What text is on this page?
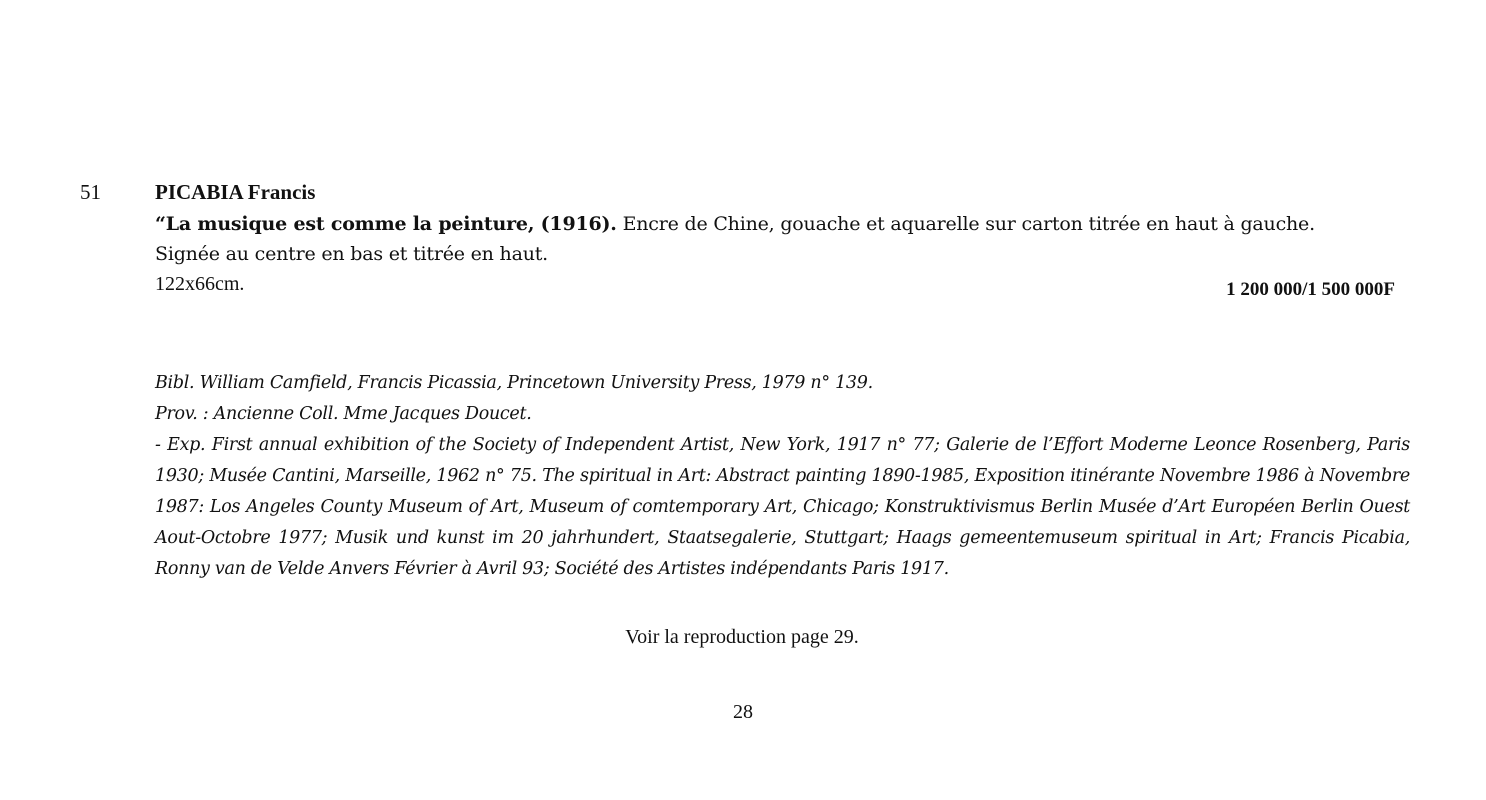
51	PICABIA Francis

“La musique est comme la peinture, (1916). Encre de Chine, gouache et aquarelle sur carton titrée en haut à gauche.

Signée au centre en bas et titrée en haut.

122x66cm.	1 200 000/1 500 000F

Bibl. William Camfield, Francis Picassia, Princetown University Press, 1979 n° 139.

Prov. : Ancienne Coll. Mme Jacques Doucet.

- Exp. First annual exhibition of the Society of Independent Artist, New York, 1917 n° 77; Galerie de l’Effort Moderne Leonce Rosenberg, Paris 1930; Musée Cantini, Marseille, 1962 n° 75. The spiritual in Art: Abstract painting 1890-1985, Exposition itinérante Novembre 1986 à Novembre 1987: Los Angeles County Museum of Art, Museum of comtemporary Art, Chicago; Konstruktivismus Berlin Musée d’Art Européen Berlin Ouest Aout-Octobre 1977; Musik und kunst im 20 jahrhundert, Staatsegalerie, Stuttgart; Haags gemeentemuseum spiritual in Art; Francis Picabia, Ronny van de Velde Anvers Février à Avril 93; Société des Artistes indépendants Paris 1917.

Voir la reproduction page 29.
28
